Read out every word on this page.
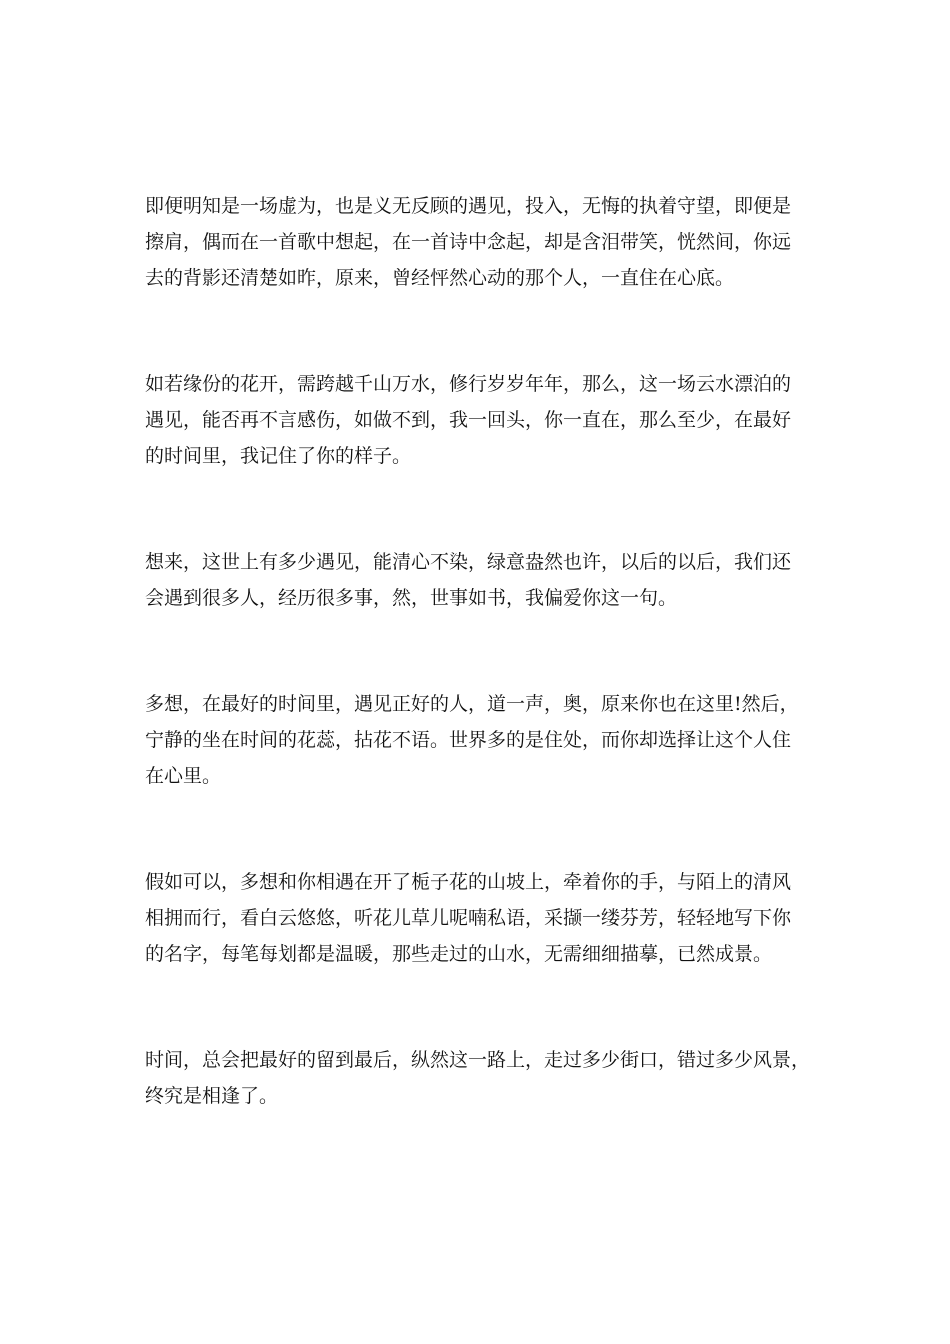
即便明知是一场虚为，也是义无反顾的遇见，投入，无悔的执着守望，即便是
擦肩，偶而在一首歌中想起，在一首诗中念起，却是含泪带笑，恍然间，你远
去的背影还清楚如昨，原来，曾经怦然心动的那个人，一直住在心底。
如若缘份的花开，需跨越千山万水，修行岁岁年年，那么，这一场云水漂泊的
遇见，能否再不言感伤，如做不到，我一回头，你一直在，那么至少，在最好
的时间里，我记住了你的样子。
想来，这世上有多少遇见，能清心不染，绿意盎然也许，以后的以后，我们还
会遇到很多人，经历很多事，然，世事如书，我偏爱你这一句。
多想，在最好的时间里，遇见正好的人，道一声，奥，原来你也在这里!然后，
宁静的坐在时间的花蕊，拈花不语。世界多的是住处，而你却选择让这个人住
在心里。
假如可以，多想和你相遇在开了栀子花的山坡上，牵着你的手，与陌上的清风
相拥而行，看白云悠悠，听花儿草儿呢喃私语，采撷一缕芬芳，轻轻地写下你
的名字，每笔每划都是温暖，那些走过的山水，无需细细描摹，已然成景。
时间，总会把最好的留到最后，纵然这一路上，走过多少街口，错过多少风景，
终究是相逢了。
